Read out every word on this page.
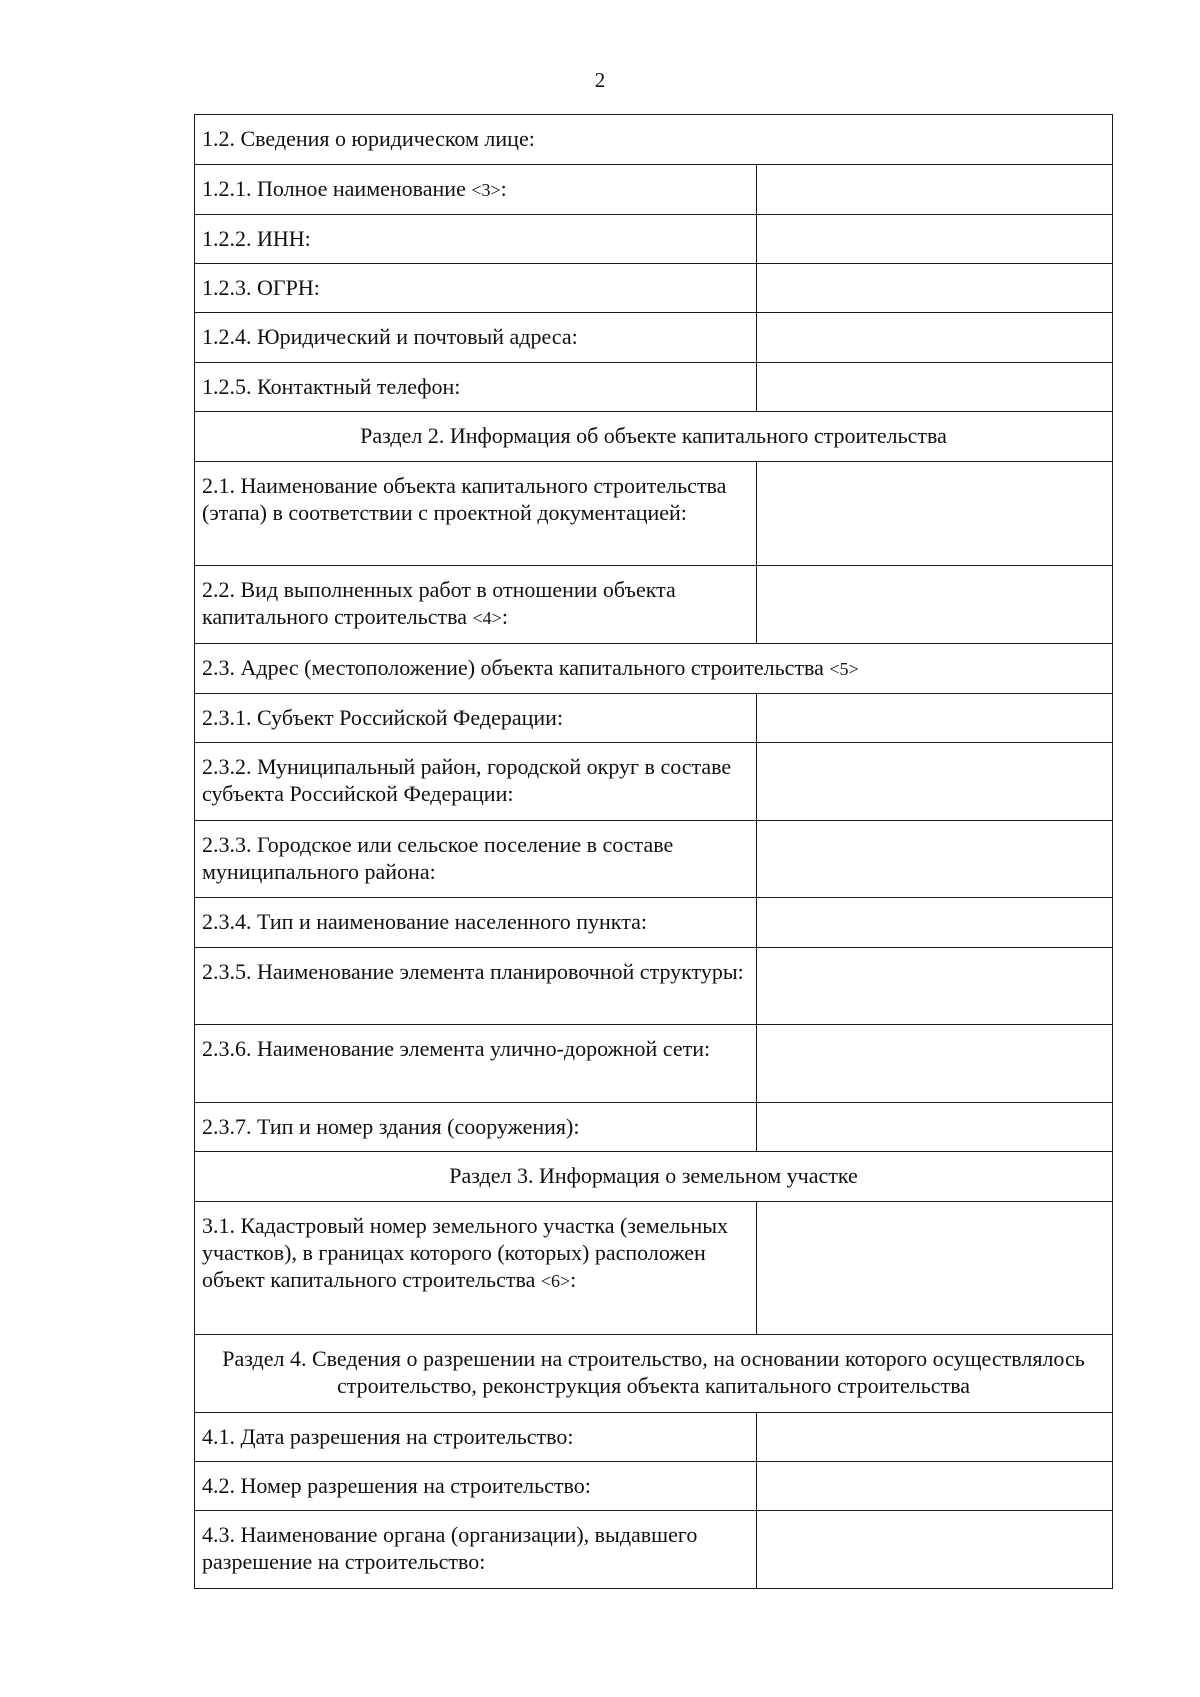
2
1.2. Сведения о юридическом лице:	
1.2.1. Полное наименование <3>:	
1.2.2. ИНН:	
1.2.3. ОГРН:	
1.2.4. Юридический и почтовый адреса:	
1.2.5. Контактный телефон:	
Раздел 2. Информация об объекте капитального строительства	
2.1. Наименование объекта капитального строительства (этапа) в соответствии с проектной документацией:	
2.2. Вид выполненных работ в отношении объекта капитального строительства <4>:	
2.3. Адрес (местоположение) объекта капитального строительства <5>	
2.3.1. Субъект Российской Федерации:	
2.3.2. Муниципальный район, городской округ в составе субъекта Российской Федерации:	
2.3.3. Городское или сельское поселение в составе муниципального района:	
2.3.4. Тип и наименование населенного пункта:	
2.3.5. Наименование элемента планировочной структуры:	
2.3.6. Наименование элемента улично-дорожной сети:	
2.3.7. Тип и номер здания (сооружения):	
Раздел 3. Информация о земельном участке	
3.1. Кадастровый номер земельного участка (земельных участков), в границах которого (которых) расположен объект капитального строительства <6>:	
Раздел 4. Сведения о разрешении на строительство, на основании которого осуществлялось строительство, реконструкция объекта капитального строительства	
4.1. Дата разрешения на строительство:	
4.2. Номер разрешения на строительство:	
4.3. Наименование органа (организации), выдавшего разрешение на строительство:	
